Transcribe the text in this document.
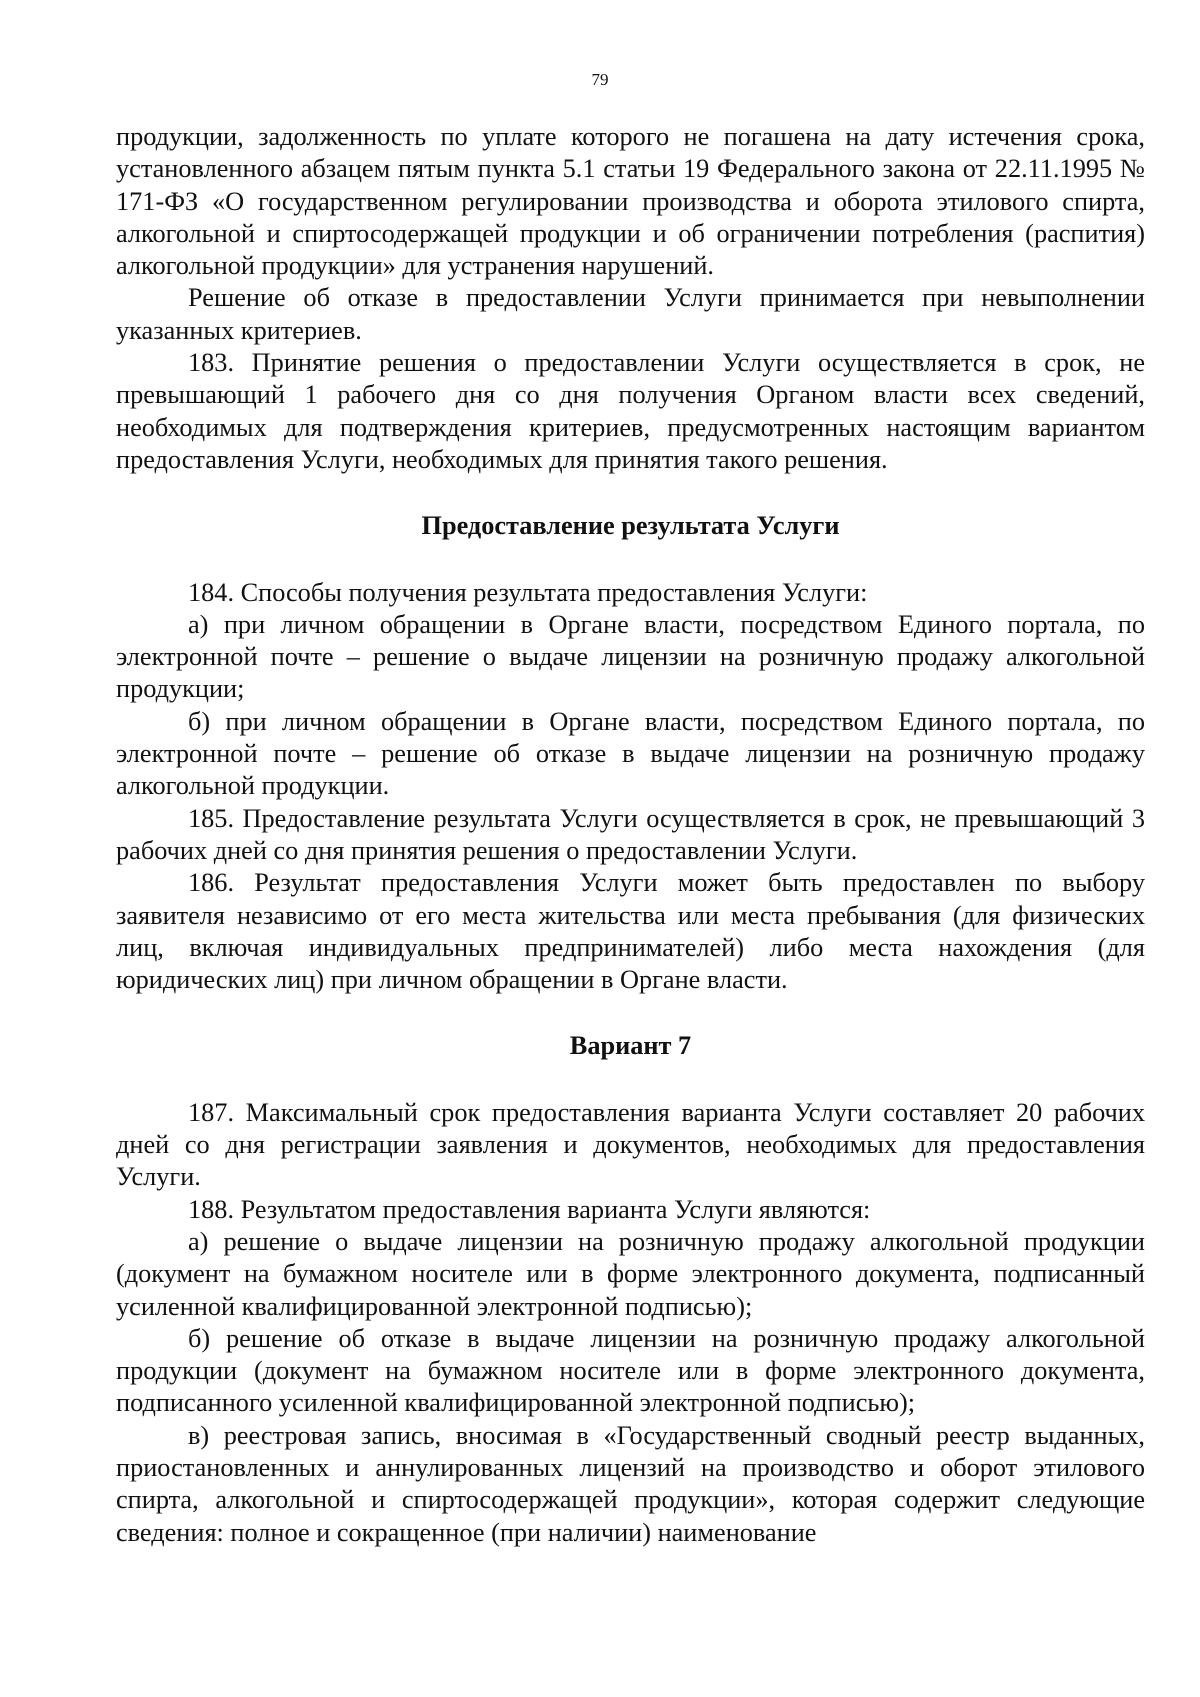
79

продукции, задолженность по уплате которого не погашена на дату истечения срока, установленного абзацем пятым пункта 5.1 статьи 19 Федерального закона от 22.11.1995 № 171-ФЗ «О государственном регулировании производства и оборота этилового спирта, алкогольной и спиртосодержащей продукции и об ограничении потребления (распития) алкогольной продукции» для устранения нарушений.

Решение об отказе в предоставлении Услуги принимается при невыполнении указанных критериев.

183. Принятие решения о предоставлении Услуги осуществляется в срок, не превышающий 1 рабочего дня со дня получения Органом власти всех сведений, необходимых для подтверждения критериев, предусмотренных настоящим вариантом предоставления Услуги, необходимых для принятия такого решения.

Предоставление результата Услуги

184. Способы получения результата предоставления Услуги:

а) при личном обращении в Органе власти, посредством Единого портала, по электронной почте – решение о выдаче лицензии на розничную продажу алкогольной продукции;

б) при личном обращении в Органе власти, посредством Единого портала, по электронной почте – решение об отказе в выдаче лицензии на розничную продажу алкогольной продукции.

185. Предоставление результата Услуги осуществляется в срок, не превышающий 3 рабочих дней со дня принятия решения о предоставлении Услуги.

186. Результат предоставления Услуги может быть предоставлен по выбору заявителя независимо от его места жительства или места пребывания (для физических лиц, включая индивидуальных предпринимателей) либо места нахождения (для юридических лиц) при личном обращении в Органе власти.

Вариант 7

187. Максимальный срок предоставления варианта Услуги составляет 20 рабочих дней со дня регистрации заявления и документов, необходимых для предоставления Услуги.

188. Результатом предоставления варианта Услуги являются:

а) решение о выдаче лицензии на розничную продажу алкогольной продукции (документ на бумажном носителе или в форме электронного документа, подписанный усиленной квалифицированной электронной подписью);

б) решение об отказе в выдаче лицензии на розничную продажу алкогольной продукции (документ на бумажном носителе или в форме электронного документа, подписанного усиленной квалифицированной электронной подписью);

в) реестровая запись, вносимая в «Государственный сводный реестр выданных, приостановленных и аннулированных лицензий на производство и оборот этилового спирта, алкогольной и спиртосодержащей продукции», которая содержит следующие сведения: полное и сокращенное (при наличии) наименование
